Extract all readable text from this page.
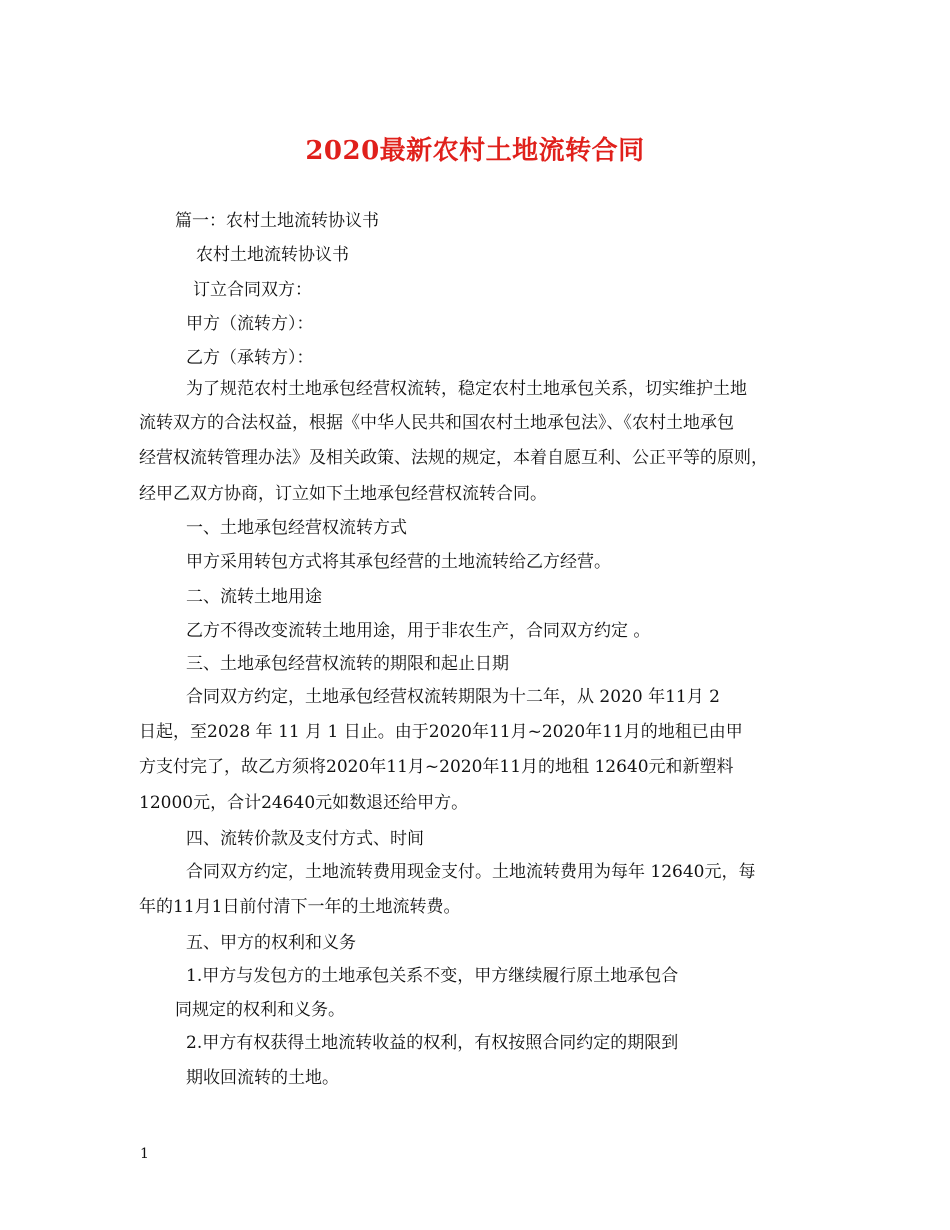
2020最新农村土地流转合同
篇一：农村土地流转协议书
农村土地流转协议书
订立合同双方：
甲方（流转方）：
乙方（承转方）：
为了规范农村土地承包经营权流转，稳定农村土地承包关系，切实维护土地
流转双方的合法权益，根据《中华人民共和国农村土地承包法》、《农村土地承包
经营权流转管理办法》及相关政策、法规的规定，本着自愿互利、公正平等的原则，
经甲乙双方协商，订立如下土地承包经营权流转合同。
一、土地承包经营权流转方式
甲方采用转包方式将其承包经营的土地流转给乙方经营。
二、流转土地用途
乙方不得改变流转土地用途，用于非农生产，合同双方约定 。
三、土地承包经营权流转的期限和起止日期
合同双方约定，土地承包经营权流转期限为十二年，从 2020 年11月 2
日起，至2028 年 11 月 1 日止。由于2020年11月~2020年11月的地租已由甲
方支付完了，故乙方须将2020年11月~2020年11月的地租 12640元和新塑料
12000元，合计24640元如数退还给甲方。
四、流转价款及支付方式、时间
合同双方约定，土地流转费用现金支付。土地流转费用为每年 12640元，每
年的11月1日前付清下一年的土地流转费。
五、甲方的权利和义务
1.甲方与发包方的土地承包关系不变，甲方继续履行原土地承包合
同规定的权利和义务。
2.甲方有权获得土地流转收益的权利，有权按照合同约定的期限到
期收回流转的土地。
1
